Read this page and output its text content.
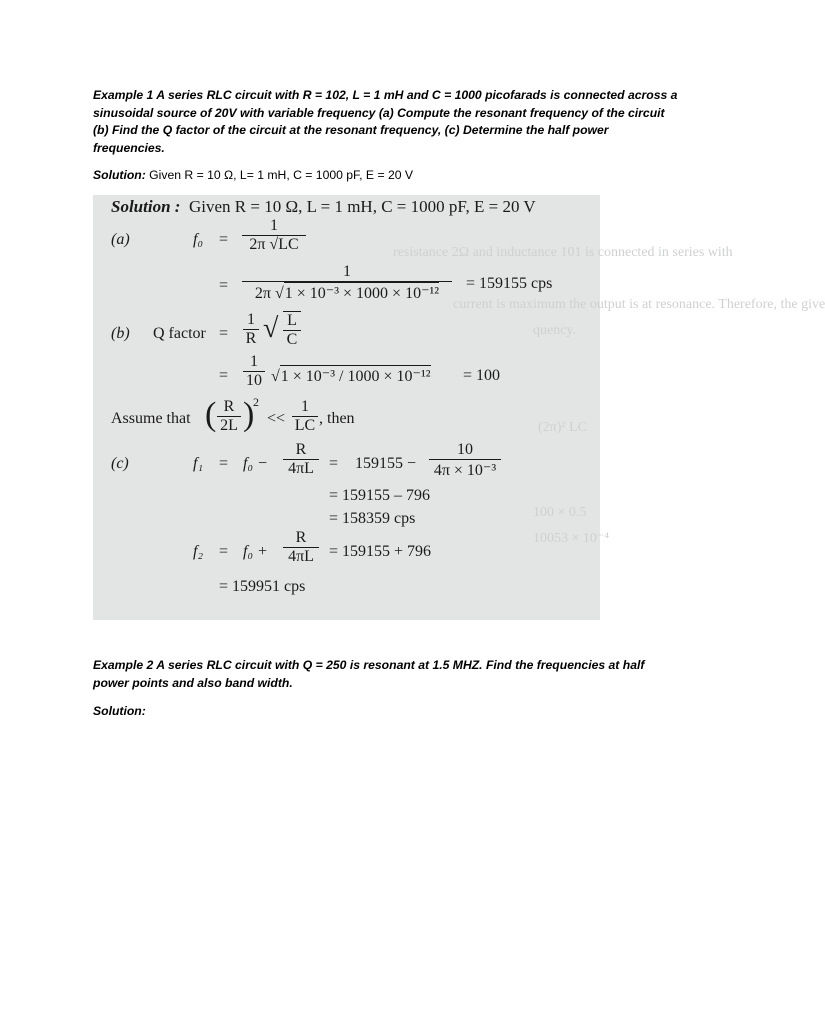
Example 1 A series RLC circuit with R = 102, L = 1 mH and C = 1000 picofarads is connected across a sinusoidal source of 20V with variable frequency (a) Compute the resonant frequency of the circuit (b) Find the Q factor of the circuit at the resonant frequency, (c) Determine the half power frequencies.
Solution: Given R = 10 Ω, L= 1 mH, C = 1000 pF, E = 20 V
resistance 2Ω and inductance 101 is connected in series with
current is maximum the output is at resonance. Therefore, the give
quency.
(2π)² LC
100 × 0.5
10053 × 10⁻⁴
Solution : Given R = 10 Ω, L = 1 mH, C = 1000 pF, E = 20 V
(a)	f₀ =
1
2π √LC
=
1
2π √1 × 10⁻³ × 1000 × 10⁻¹²
= 159155 cps
(b) Q factor =
1
R √ L
C
=
1
10 √1 × 10⁻³ / 1000 × 10⁻¹² = 100
Assume that ( R
2L )
2
<<
1
LC , then
(c)	f₁ = f₀ −
R
4πL = 159155 −
10
4π × 10⁻³
= 159155 – 796
= 158359 cps
f₂ = f₀ +
R
4πL = 159155 + 796
= 159951 cps
Example 2 A series RLC circuit with Q = 250 is resonant at 1.5 MHZ. Find the frequencies at half power points and also band width.
Solution:
